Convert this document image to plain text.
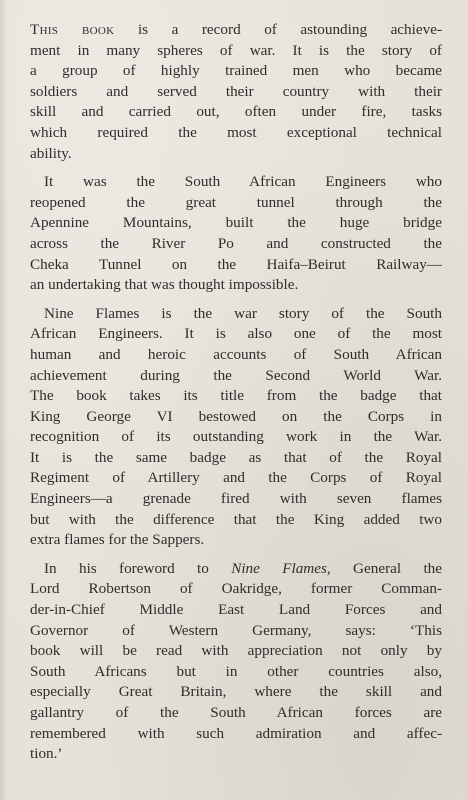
This book is a record of astounding achieve-
ment in many spheres of war. It is the story of
a group of highly trained men who became
soldiers and served their country with their
skill and carried out, often under fire, tasks
which required the most exceptional technical
ability.
It was the South African Engineers who
reopened the great tunnel through the
Apennine Mountains, built the huge bridge
across the River Po and constructed the
Cheka Tunnel on the Haifa–Beirut Railway—
an undertaking that was thought impossible.
Nine Flames is the war story of the South
African Engineers. It is also one of the most
human and heroic accounts of South African
achievement during the Second World War.
The book takes its title from the badge that
King George VI bestowed on the Corps in
recognition of its outstanding work in the War.
It is the same badge as that of the Royal
Regiment of Artillery and the Corps of Royal
Engineers—a grenade fired with seven flames
but with the difference that the King added two
extra flames for the Sappers.
In his foreword to Nine Flames, General the
Lord Robertson of Oakridge, former Comman-
der-in-Chief Middle East Land Forces and
Governor of Western Germany, says: ‘This
book will be read with appreciation not only by
South Africans but in other countries also,
especially Great Britain, where the skill and
gallantry of the South African forces are
remembered with such admiration and affec-
tion.’
